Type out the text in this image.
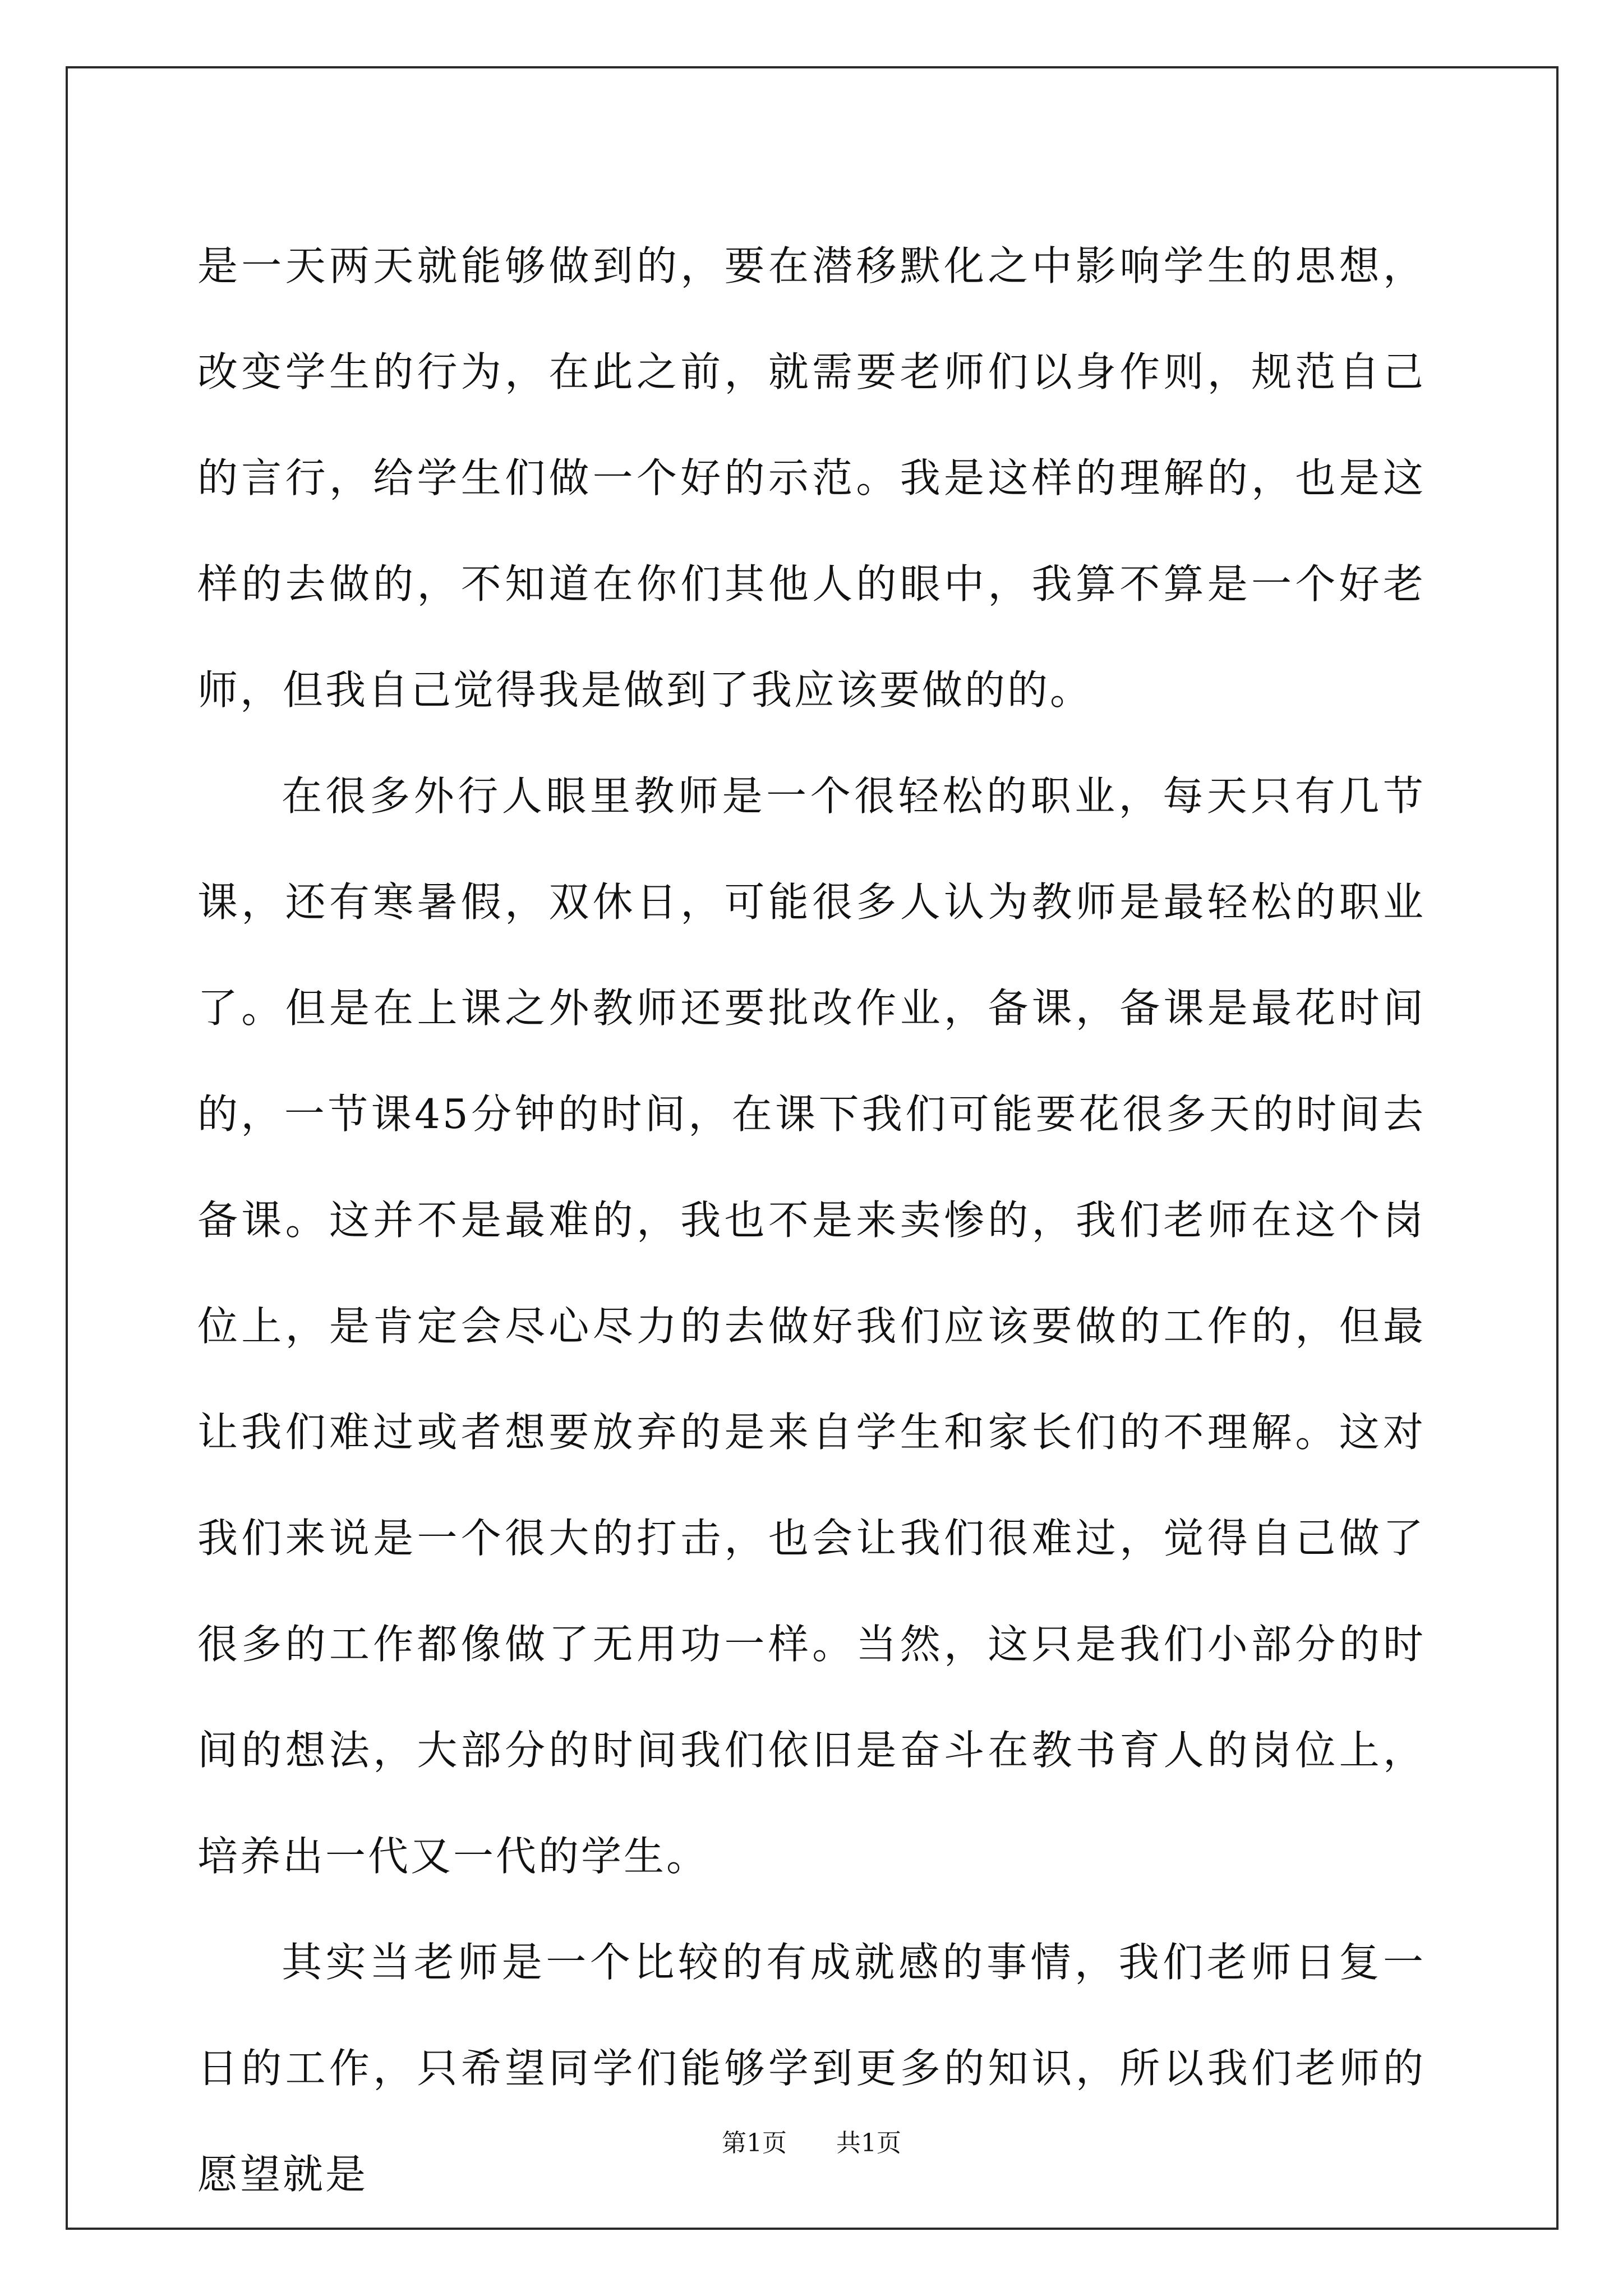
是一天两天就能够做到的，要在潜移默化之中影响学生的思想，改变学生的行为，在此之前，就需要老师们以身作则，规范自己的言行，给学生们做一个好的示范。我是这样的理解的，也是这样的去做的，不知道在你们其他人的眼中，我算不算是一个好老师，但我自己觉得我是做到了我应该要做的的。

在很多外行人眼里教师是一个很轻松的职业，每天只有几节课，还有寒暑假，双休日，可能很多人认为教师是最轻松的职业了。但是在上课之外教师还要批改作业，备课，备课是最花时间的，一节课45分钟的时间，在课下我们可能要花很多天的时间去备课。这并不是最难的，我也不是来卖惨的，我们老师在这个岗位上，是肯定会尽心尽力的去做好我们应该要做的工作的，但最让我们难过或者想要放弃的是来自学生和家长们的不理解。这对我们来说是一个很大的打击，也会让我们很难过，觉得自己做了很多的工作都像做了无用功一样。当然，这只是我们小部分的时间的想法，大部分的时间我们依旧是奋斗在教书育人的岗位上，培养出一代又一代的学生。

其实当老师是一个比较的有成就感的事情，我们老师日复一日的工作，只希望同学们能够学到更多的知识，所以我们老师的愿望就是

第1页 共1页
